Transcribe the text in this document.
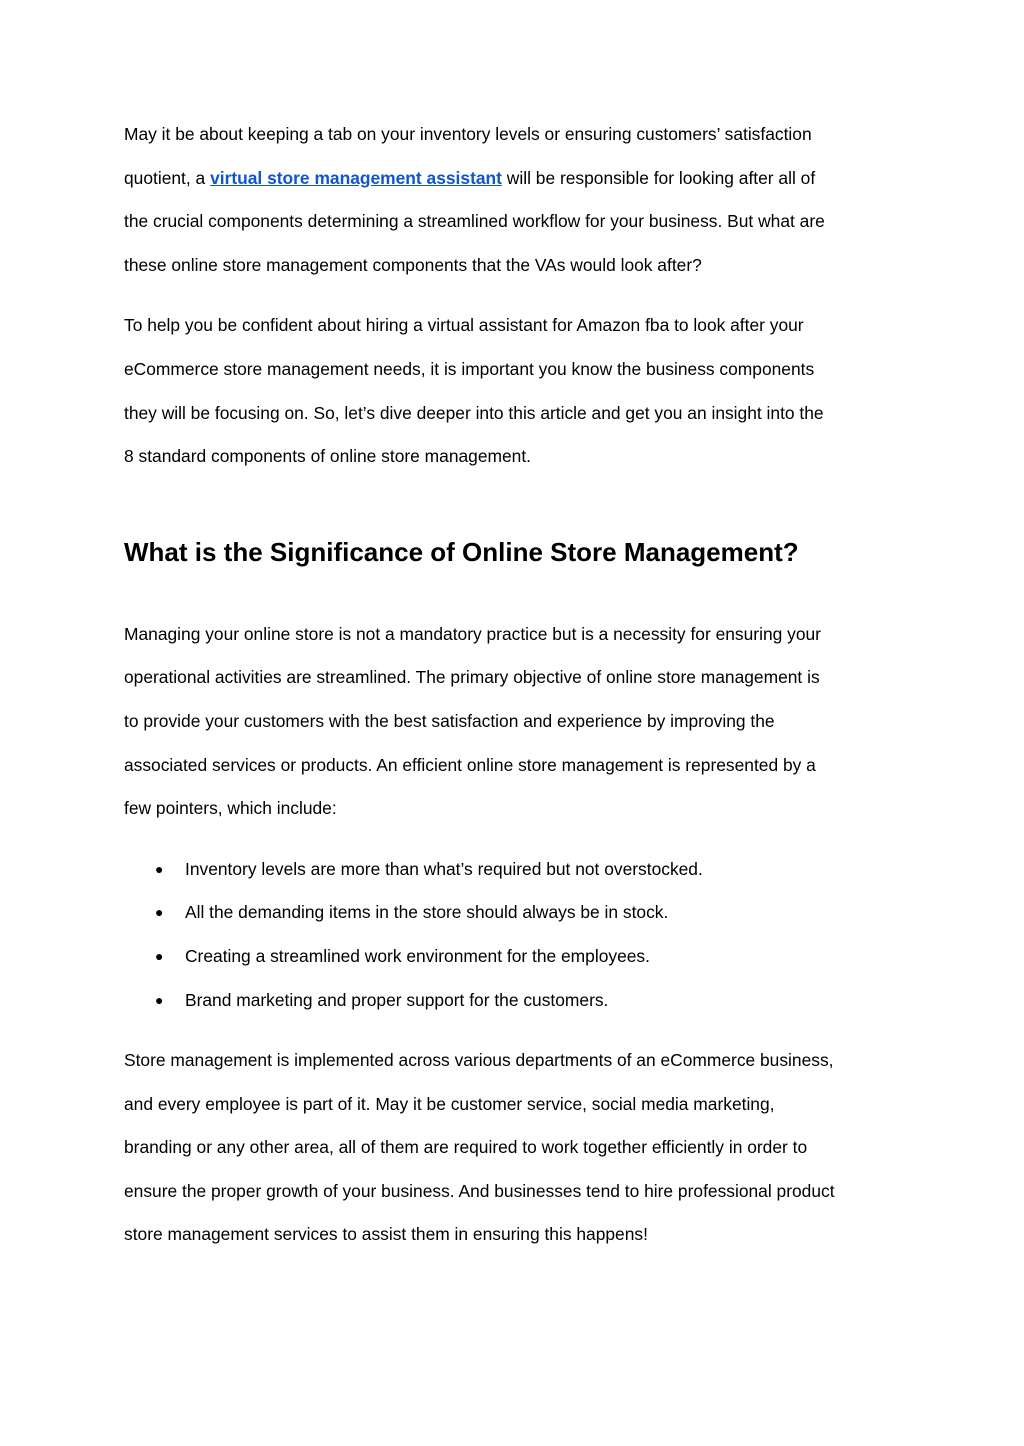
May it be about keeping a tab on your inventory levels or ensuring customers’ satisfaction
quotient, a virtual store management assistant will be responsible for looking after all of
the crucial components determining a streamlined workflow for your business. But what are
these online store management components that the VAs would look after?

To help you be confident about hiring a virtual assistant for Amazon fba to look after your
eCommerce store management needs, it is important you know the business components
they will be focusing on. So, let’s dive deeper into this article and get you an insight into the
8 standard components of online store management.

What is the Significance of Online Store Management?

Managing your online store is not a mandatory practice but is a necessity for ensuring your
operational activities are streamlined. The primary objective of online store management is
to provide your customers with the best satisfaction and experience by improving the
associated services or products. An efficient online store management is represented by a
few pointers, which include:

● Inventory levels are more than what’s required but not overstocked.
● All the demanding items in the store should always be in stock.
● Creating a streamlined work environment for the employees.
● Brand marketing and proper support for the customers.

Store management is implemented across various departments of an eCommerce business,
and every employee is part of it. May it be customer service, social media marketing,
branding or any other area, all of them are required to work together efficiently in order to
ensure the proper growth of your business. And businesses tend to hire professional product
store management services to assist them in ensuring this happens!
